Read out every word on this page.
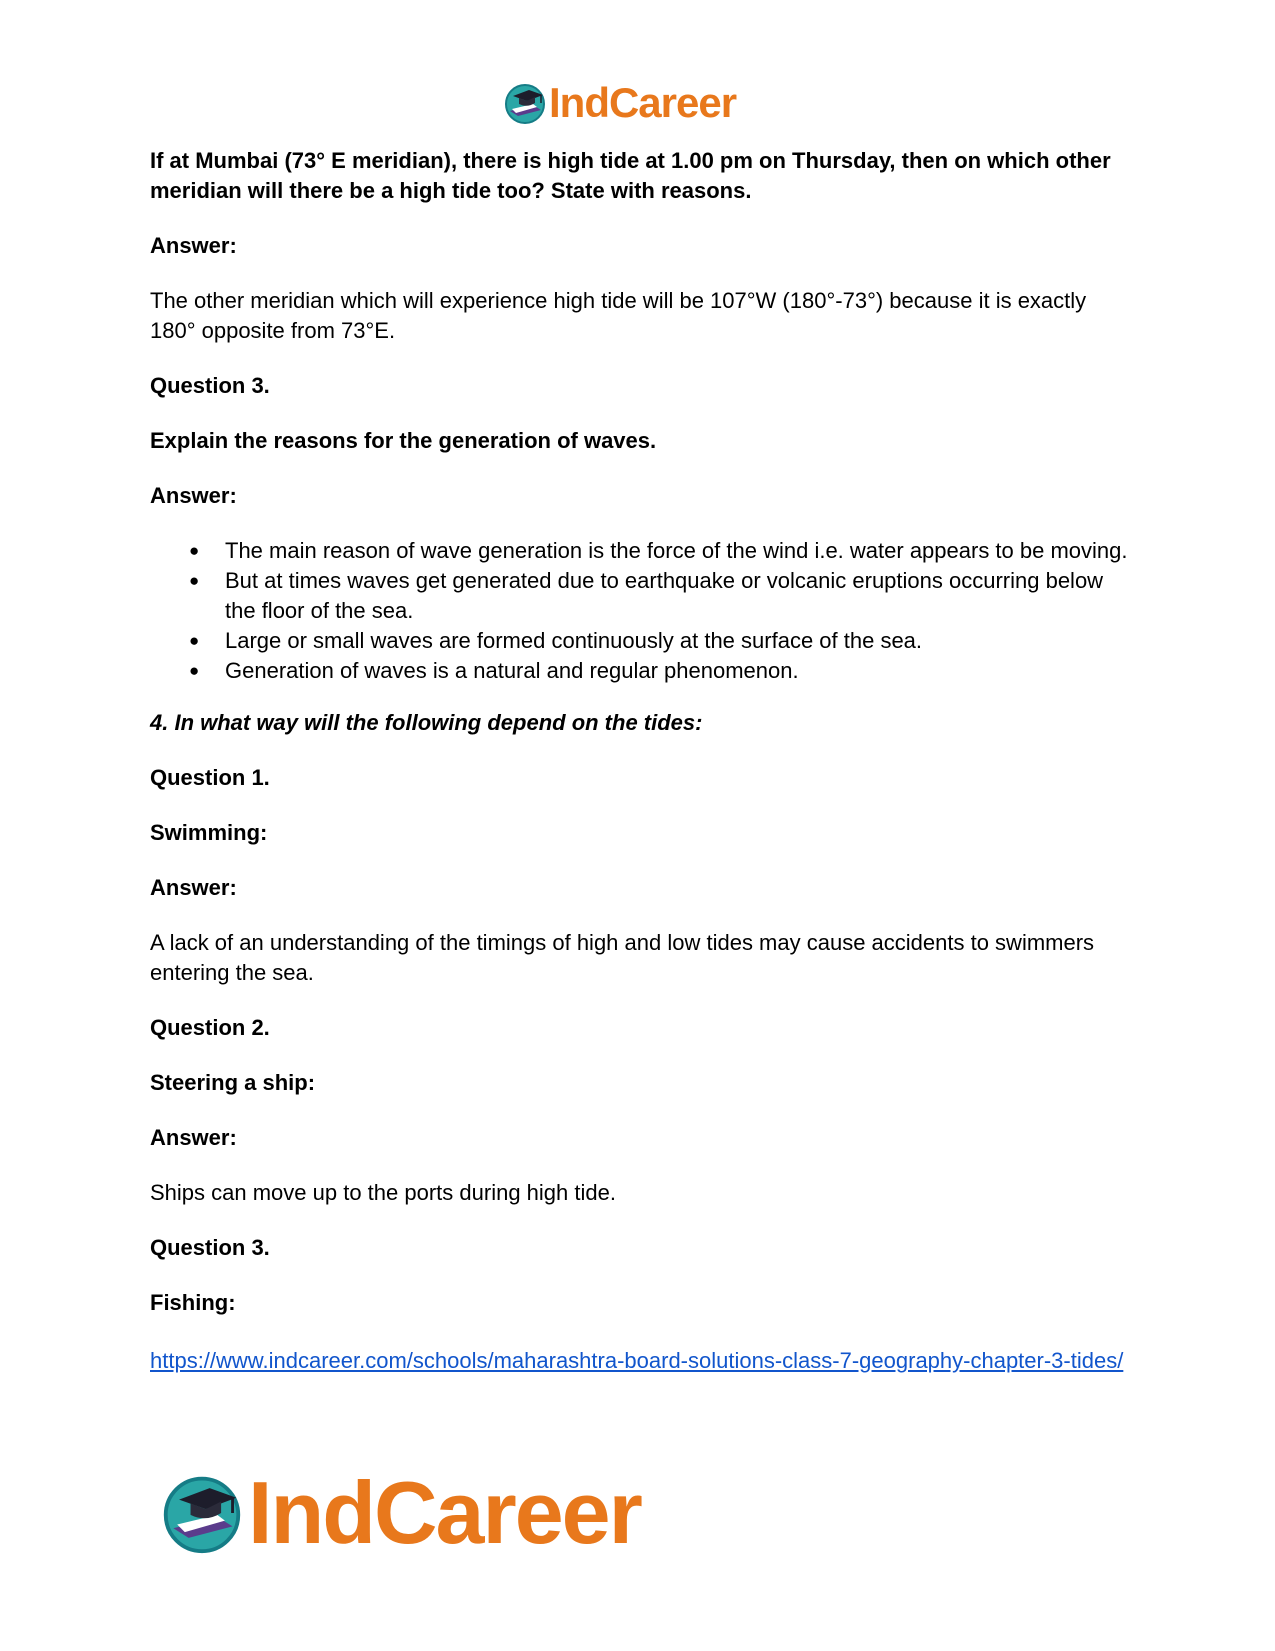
IndCareer

If at Mumbai (73° E meridian), there is high tide at 1.00 pm on Thursday, then on which other meridian will there be a high tide too? State with reasons.

Answer:

The other meridian which will experience high tide will be 107°W (180°-73°) because it is exactly 180° opposite from 73°E.

Question 3.

Explain the reasons for the generation of waves.

Answer:

● The main reason of wave generation is the force of the wind i.e. water appears to be moving.
● But at times waves get generated due to earthquake or volcanic eruptions occurring below the floor of the sea.
● Large or small waves are formed continuously at the surface of the sea.
● Generation of waves is a natural and regular phenomenon.

4. In what way will the following depend on the tides:

Question 1.

Swimming:

Answer:

A lack of an understanding of the timings of high and low tides may cause accidents to swimmers entering the sea.

Question 2.

Steering a ship:

Answer:

Ships can move up to the ports during high tide.

Question 3.

Fishing:

https://www.indcareer.com/schools/maharashtra-board-solutions-class-7-geography-chapter-3-tides/

IndCareer
